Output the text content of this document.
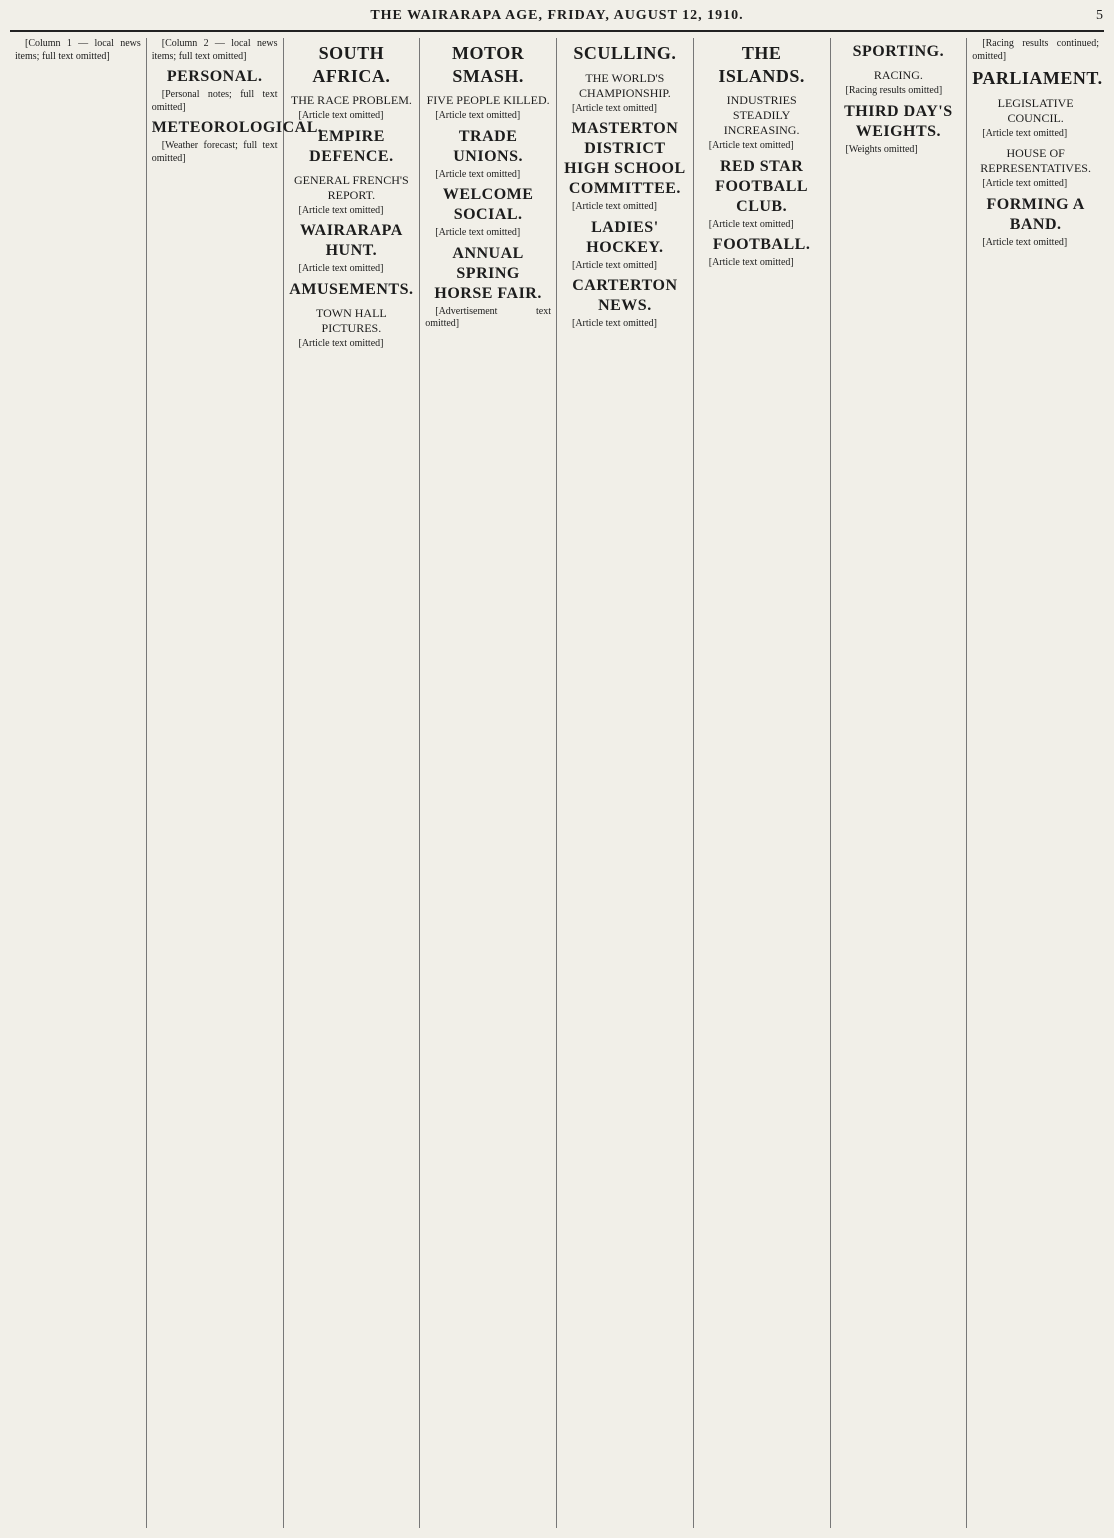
THE WAIRARAPA AGE, FRIDAY, AUGUST 12, 1910.	5

[Column 1 — local news items; full text omitted]

[Column 2 — local news items; full text omitted]

PERSONAL.

[Personal notes; full text omitted]

METEOROLOGICAL.

[Weather forecast; full text omitted]

SOUTH AFRICA.
THE RACE PROBLEM.

[Article text omitted]

EMPIRE DEFENCE.
GENERAL FRENCH'S REPORT.

[Article text omitted]

WAIRARAPA HUNT.

[Article text omitted]

AMUSEMENTS.
TOWN HALL PICTURES.

[Article text omitted]

MOTOR SMASH.
FIVE PEOPLE KILLED.

[Article text omitted]

TRADE UNIONS.

[Article text omitted]

WELCOME SOCIAL.

[Article text omitted]

ANNUAL SPRING HORSE FAIR.

[Advertisement text omitted]

SCULLING.
THE WORLD'S CHAMPIONSHIP.

[Article text omitted]

MASTERTON DISTRICT HIGH SCHOOL COMMITTEE.

[Article text omitted]

LADIES' HOCKEY.

[Article text omitted]

CARTERTON NEWS.

[Article text omitted]

THE ISLANDS.
INDUSTRIES STEADILY INCREASING.

[Article text omitted]

RED STAR FOOTBALL CLUB.

[Article text omitted]

FOOTBALL.

[Article text omitted]

SPORTING.
RACING.

[Racing results omitted]

THIRD DAY'S WEIGHTS.

[Weights omitted]

[Racing results continued; omitted]

PARLIAMENT.
LEGISLATIVE COUNCIL.

[Article text omitted]

HOUSE OF REPRESENTATIVES.

[Article text omitted]

FORMING A BAND.

[Article text omitted]
